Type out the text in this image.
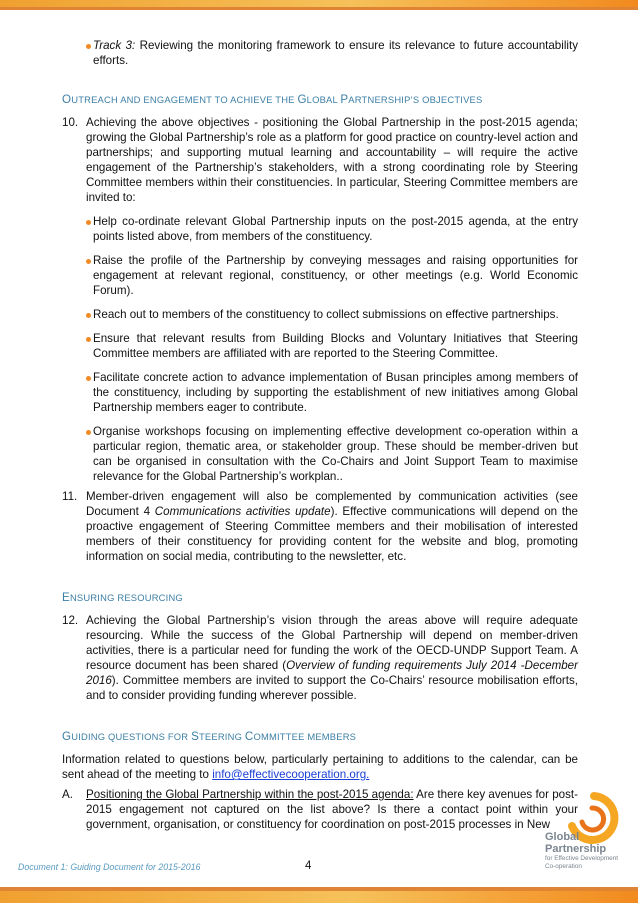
Track 3: Reviewing the monitoring framework to ensure its relevance to future accountability efforts.

OUTREACH AND ENGAGEMENT TO ACHIEVE THE GLOBAL PARTNERSHIP’S OBJECTIVES

10. Achieving the above objectives - positioning the Global Partnership in the post-2015 agenda; growing the Global Partnership’s role as a platform for good practice on country-level action and partnerships; and supporting mutual learning and accountability – will require the active engagement of the Partnership’s stakeholders, with a strong coordinating role by Steering Committee members within their constituencies. In particular, Steering Committee members are invited to:

Help co-ordinate relevant Global Partnership inputs on the post-2015 agenda, at the entry points listed above, from members of the constituency.

Raise the profile of the Partnership by conveying messages and raising opportunities for engagement at relevant regional, constituency, or other meetings (e.g. World Economic Forum).

Reach out to members of the constituency to collect submissions on effective partnerships.

Ensure that relevant results from Building Blocks and Voluntary Initiatives that Steering Committee members are affiliated with are reported to the Steering Committee.

Facilitate concrete action to advance implementation of Busan principles among members of the constituency, including by supporting the establishment of new initiatives among Global Partnership members eager to contribute.

Organise workshops focusing on implementing effective development co-operation within a particular region, thematic area, or stakeholder group. These should be member-driven but can be organised in consultation with the Co-Chairs and Joint Support Team to maximise relevance for the Global Partnership’s workplan..

11. Member-driven engagement will also be complemented by communication activities (see Document 4 Communications activities update). Effective communications will depend on the proactive engagement of Steering Committee members and their mobilisation of interested members of their constituency for providing content for the website and blog, promoting information on social media, contributing to the newsletter, etc.

ENSURING RESOURCING

12. Achieving the Global Partnership’s vision through the areas above will require adequate resourcing. While the success of the Global Partnership will depend on member-driven activities, there is a particular need for funding the work of the OECD-UNDP Support Team. A resource document has been shared (Overview of funding requirements July 2014 -December 2016). Committee members are invited to support the Co-Chairs’ resource mobilisation efforts, and to consider providing funding wherever possible.

GUIDING QUESTIONS FOR STEERING COMMITTEE MEMBERS

Information related to questions below, particularly pertaining to additions to the calendar, can be sent ahead of the meeting to info@effectivecooperation.org.

A. Positioning the Global Partnership within the post-2015 agenda: Are there key avenues for post-2015 engagement not captured on the list above? Is there a contact point within your government, organisation, or constituency for coordination on post-2015 processes in New
Document 1: Guiding Document for 2015-2016	4
Global
Partnership
for Effective Development
Co-operation
